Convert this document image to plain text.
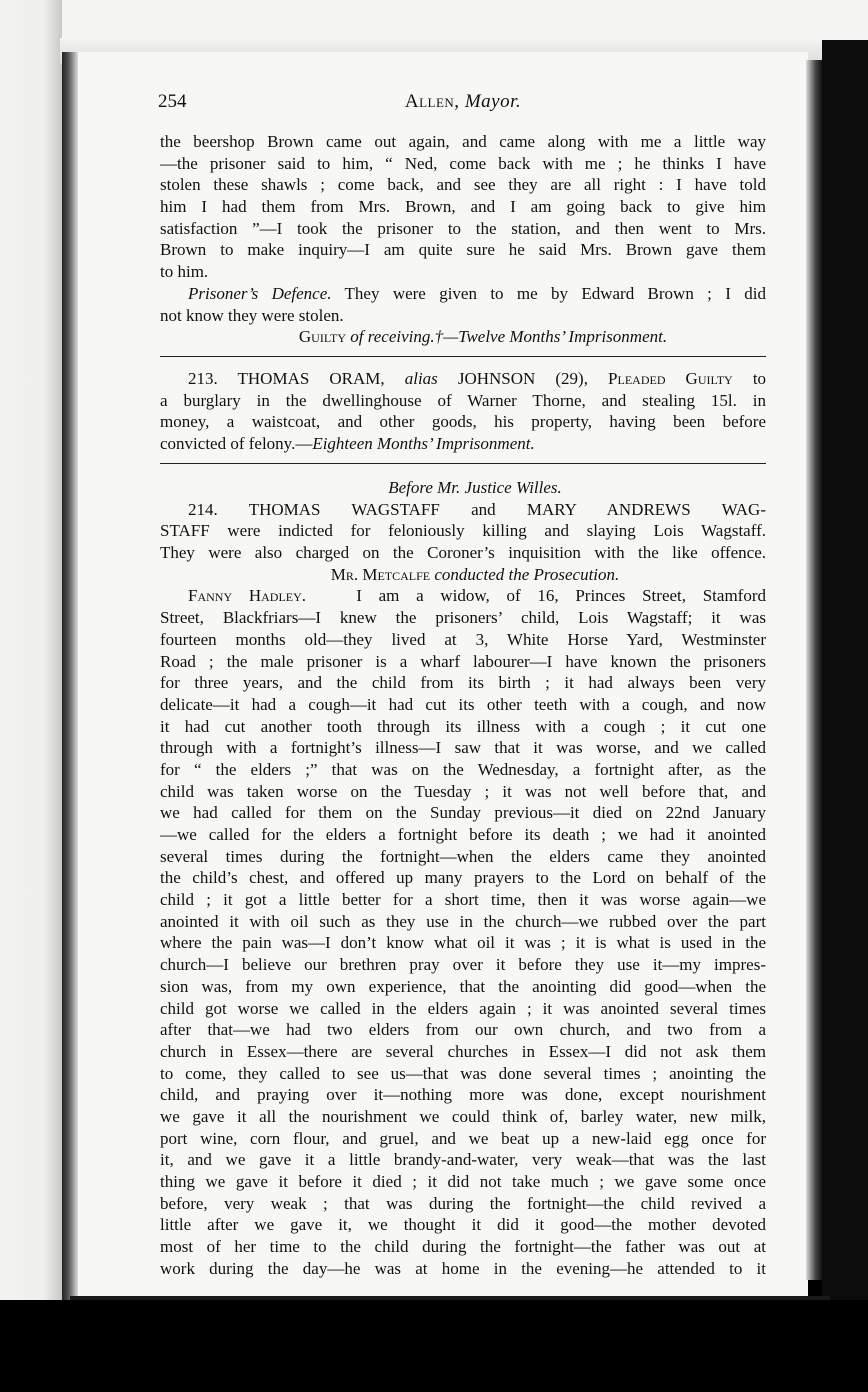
254	Allen, Mayor.
the beershop Brown came out again, and came along with me a little way
—the prisoner said to him, “ Ned, come back with me ; he thinks I have
stolen these shawls ; come back, and see they are all right : I have told
him I had them from Mrs. Brown, and I am going back to give him
satisfaction ”—I took the prisoner to the station, and then went to Mrs.
Brown to make inquiry—I am quite sure he said Mrs. Brown gave them
to him.
Prisoner’s Defence. They were given to me by Edward Brown ; I did
not know they were stolen.
Guilty of receiving.†—Twelve Months’ Imprisonment.
213. THOMAS ORAM, alias JOHNSON (29), Pleaded Guilty to
a burglary in the dwellinghouse of Warner Thorne, and stealing 15l. in
money, a waistcoat, and other goods, his property, having been before
convicted of felony.—Eighteen Months’ Imprisonment.
Before Mr. Justice Willes.
214. THOMAS WAGSTAFF and MARY ANDREWS WAG-
STAFF were indicted for feloniously killing and slaying Lois Wagstaff.
They were also charged on the Coroner’s inquisition with the like offence.
Mr. Metcalfe conducted the Prosecution.
Fanny Hadley.	I am a widow, of 16, Princes Street, Stamford
Street, Blackfriars—I knew the prisoners’ child, Lois Wagstaff; it was
fourteen months old—they lived at 3, White Horse Yard, Westminster
Road ; the male prisoner is a wharf labourer—I have known the prisoners
for three years, and the child from its birth ; it had always been very
delicate—it had a cough—it had cut its other teeth with a cough, and now
it had cut another tooth through its illness with a cough ; it cut one
through with a fortnight’s illness—I saw that it was worse, and we called
for “ the elders ;” that was on the Wednesday, a fortnight after, as the
child was taken worse on the Tuesday ; it was not well before that, and
we had called for them on the Sunday previous—it died on 22nd January
—we called for the elders a fortnight before its death ; we had it anointed
several times during the fortnight—when the elders came they anointed
the child’s chest, and offered up many prayers to the Lord on behalf of the
child ; it got a little better for a short time, then it was worse again—we
anointed it with oil such as they use in the church—we rubbed over the part
where the pain was—I don’t know what oil it was ; it is what is used in the
church—I believe our brethren pray over it before they use it—my impres-
sion was, from my own experience, that the anointing did good—when the
child got worse we called in the elders again ; it was anointed several times
after that—we had two elders from our own church, and two from a
church in Essex—there are several churches in Essex—I did not ask them
to come, they called to see us—that was done several times ; anointing the
child, and praying over it—nothing more was done, except nourishment
we gave it all the nourishment we could think of, barley water, new milk,
port wine, corn flour, and gruel, and we beat up a new-laid egg once for
it, and we gave it a little brandy-and-water, very weak—that was the last
thing we gave it before it died ; it did not take much ; we gave some once
before, very weak ; that was during the fortnight—the child revived a
little after we gave it, we thought it did it good—the mother devoted
most of her time to the child during the fortnight—the father was out at
work during the day—he was at home in the evening—he attended to it
